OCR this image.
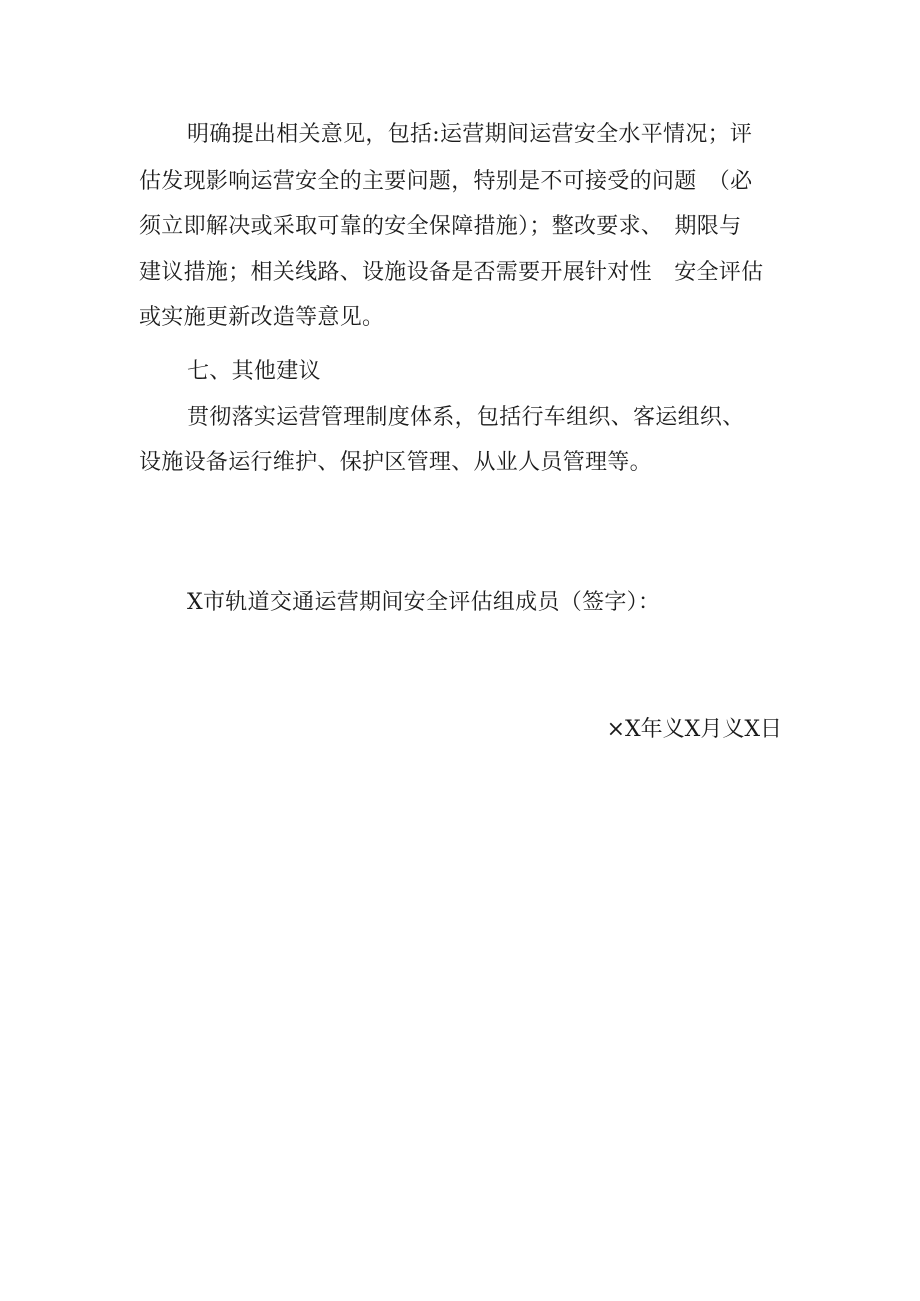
明确提出相关意见，包括:运营期间运营安全水平情况；评
估发现影响运营安全的主要问题，特别是不可接受的问题　（必
须立即解决或采取可靠的安全保障措施）；整改要求、　期限与
建议措施；相关线路、设施设备是否需要开展针对性　安全评估
或实施更新改造等意见。
七、其他建议
贯彻落实运营管理制度体系，包括行车组织、客运组织、
设施设备运行维护、保护区管理、从业人员管理等。
X市轨道交通运营期间安全评估组成员（签字）：
×X年义X月义X日
